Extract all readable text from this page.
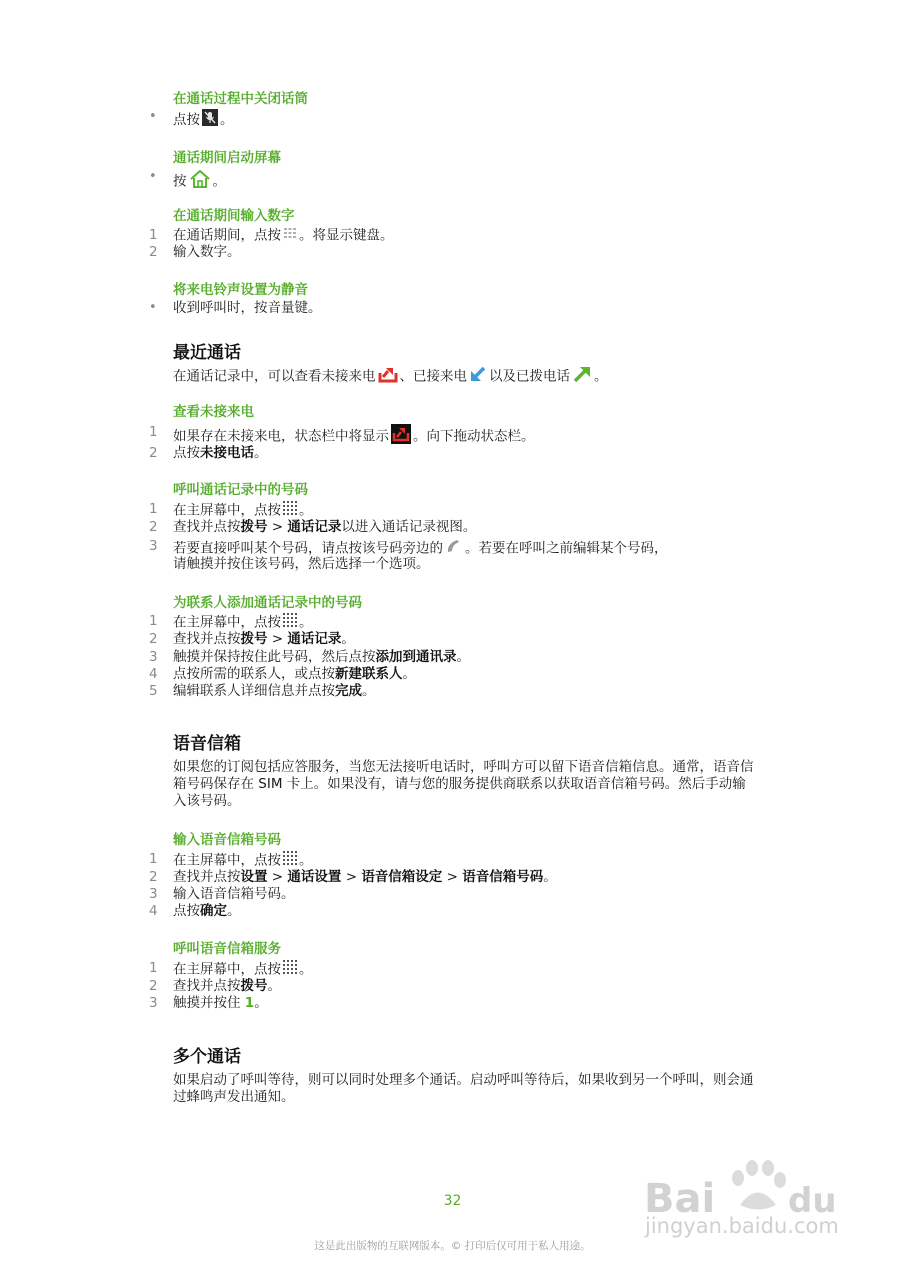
在通话过程中关闭话筒
• 点按 。
通话期间启动屏幕
• 按 。
在通话期间输入数字
1 在通话期间，点按 。将显示键盘。
2 输入数字。
将来电铃声设置为静音
• 收到呼叫时，按音量键。
最近通话
在通话记录中，可以查看未接来电 、已接来电 以及已拨电话 。
查看未接来电
1 如果存在未接来电，状态栏中将显示 。向下拖动状态栏。
2 点按未接电话。
呼叫通话记录中的号码
1 在主屏幕中，点按 。
2 查找并点按拨号 > 通话记录以进入通话记录视图。
3 若要直接呼叫某个号码，请点按该号码旁边的 。若要在呼叫之前编辑某个号码，
请触摸并按住该号码，然后选择一个选项。
为联系人添加通话记录中的号码
1 在主屏幕中，点按 。
2 查找并点按拨号 > 通话记录。
3 触摸并保持按住此号码，然后点按添加到通讯录。
4 点按所需的联系人，或点按新建联系人。
5 编辑联系人详细信息并点按完成。
语音信箱
如果您的订阅包括应答服务，当您无法接听电话时，呼叫方可以留下语音信箱信息。通常，语音信箱号码保存在 SIM 卡上。如果没有，请与您的服务提供商联系以获取语音信箱号码。然后手动输入该号码。
输入语音信箱号码
1 在主屏幕中，点按 。
2 查找并点按设置 > 通话设置 > 语音信箱设定 > 语音信箱号码。
3 输入语音信箱号码。
4 点按确定。
呼叫语音信箱服务
1 在主屏幕中，点按 。
2 查找并点按拨号。
3 触摸并按住 1。
多个通话
如果启动了呼叫等待，则可以同时处理多个通话。启动呼叫等待后，如果收到另一个呼叫，则会通过蜂鸣声发出通知。
32
这是此出版物的互联网版本。© 打印后仅可用于私人用途。
Bai du
jingyan.baidu.com
